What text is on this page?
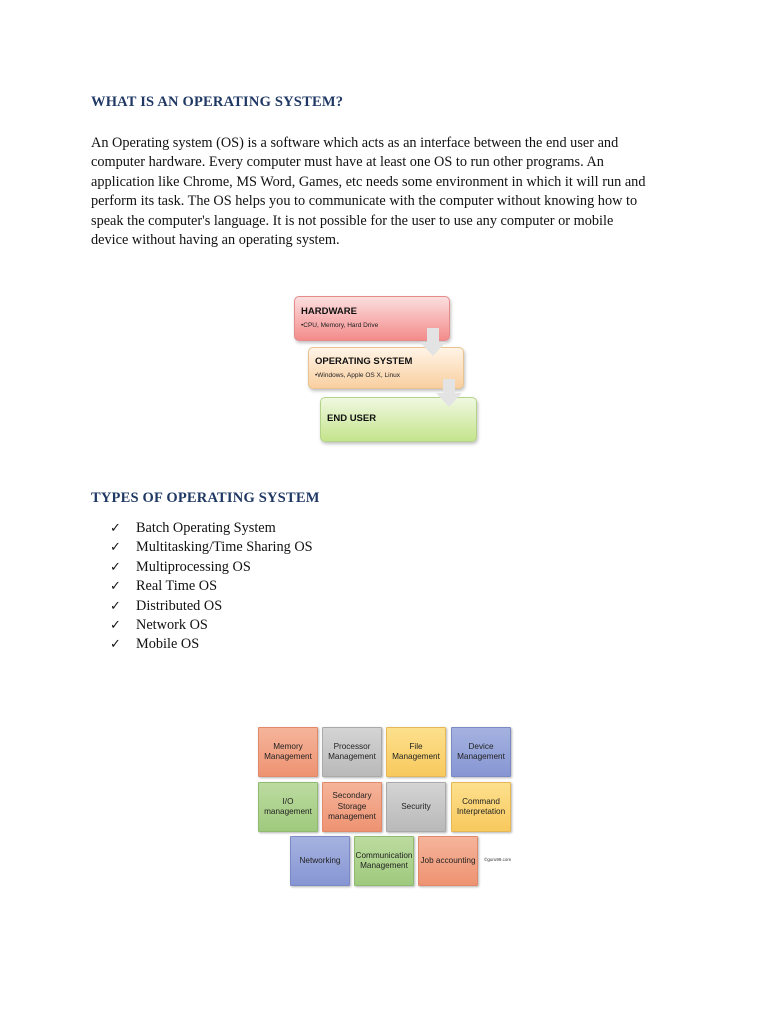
WHAT IS AN OPERATING SYSTEM?

An Operating system (OS) is a software which acts as an interface between the end user and
computer hardware. Every computer must have at least one OS to run other programs. An
application like Chrome, MS Word, Games, etc needs some environment in which it will run and
perform its task. The OS helps you to communicate with the computer without knowing how to
speak the computer's language. It is not possible for the user to use any computer or mobile
device without having an operating system.

HARDWARE
•CPU, Memory, Hard Drive
OPERATING SYSTEM
•Windows, Apple OS X, Linux
END USER
TYPES OF OPERATING SYSTEM
✓ Batch Operating System
✓ Multitasking/Time Sharing OS
✓ Multiprocessing OS
✓ Real Time OS
✓ Distributed OS
✓ Network OS
✓ Mobile OS
Memory Management
Processor Management
File Management
Device Management
I/O management
Secondary Storage management
Security
Command Interpretation
Networking
Communication Management
Job accounting	©guru99.com
